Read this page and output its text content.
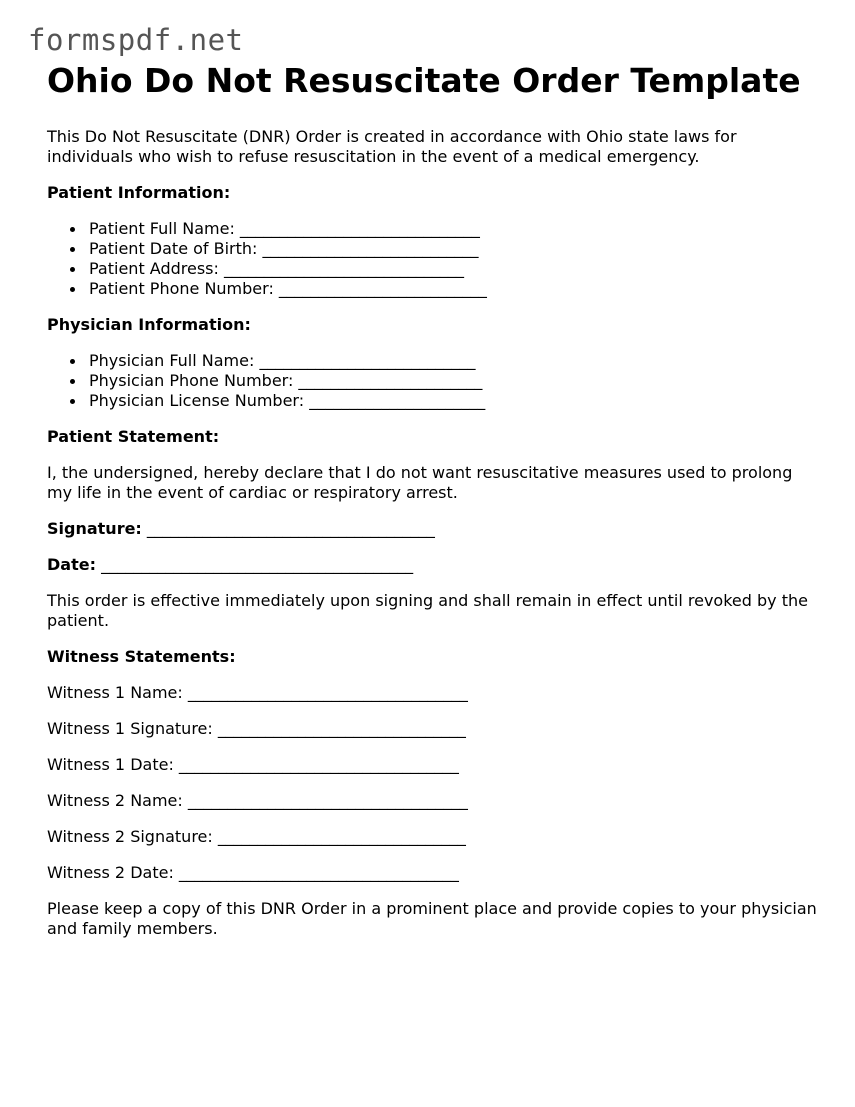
formspdf.net
Ohio Do Not Resuscitate Order Template

This Do Not Resuscitate (DNR) Order is created in accordance with Ohio state laws for individuals who wish to refuse resuscitation in the event of a medical emergency.

Patient Information:
Patient Full Name: ______________________________
Patient Date of Birth: ___________________________
Patient Address: ______________________________
Patient Phone Number: __________________________
Physician Information:
Physician Full Name: ___________________________
Physician Phone Number: _______________________
Physician License Number: ______________________
Patient Statement:

I, the undersigned, hereby declare that I do not want resuscitative measures used to prolong my life in the event of cardiac or respiratory arrest.

Signature: ____________________________________

Date: _______________________________________

This order is effective immediately upon signing and shall remain in effect until revoked by the patient.

Witness Statements:

Witness 1 Name: ___________________________________

Witness 1 Signature: _______________________________

Witness 1 Date: ___________________________________

Witness 2 Name: ___________________________________

Witness 2 Signature: _______________________________

Witness 2 Date: ___________________________________

Please keep a copy of this DNR Order in a prominent place and provide copies to your physician and family members.
